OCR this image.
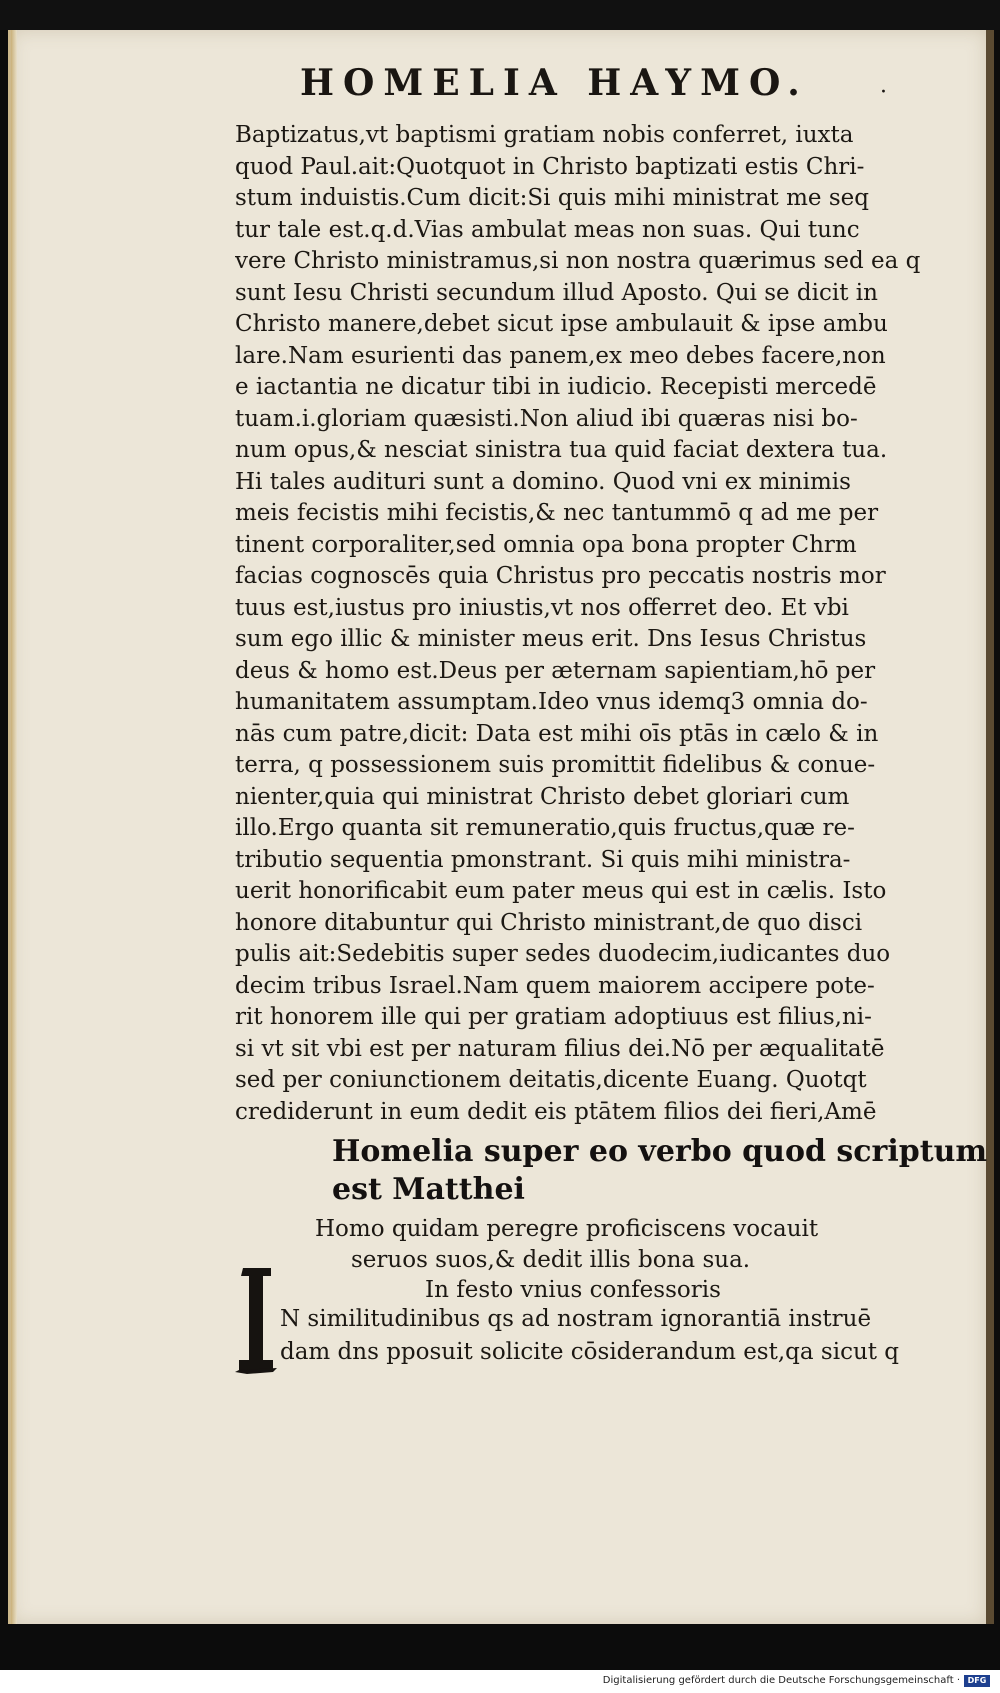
HOMELIA HAYMO.	·
Baptizatus,vt baptismi gratiam nobis conferret, iuxta
quod Paul.ait:Quotquot in Christo baptizati estis Chri-
stum induistis.Cum dicit:Si quis mihi ministrat me seq
tur tale est.q.d.Vias ambulat meas non suas. Qui tunc
vere Christo ministramus,si non nostra quærimus sed ea q
sunt Iesu Christi secundum illud Aposto. Qui se dicit in
Christo manere,debet sicut ipse ambulauit & ipse ambu
lare.Nam esurienti das panem,ex meo debes facere,non
e iactantia ne dicatur tibi in iudicio. Recepisti mercedē
tuam.i.gloriam quæsisti.Non aliud ibi quæras nisi bo-
num opus,& nesciat sinistra tua quid faciat dextera tua.
Hi tales audituri sunt a domino. Quod vni ex minimis
meis fecistis mihi fecistis,& nec tantummō q ad me per
tinent corporaliter,sed omnia opa bona propter Chrm
facias cognoscēs quia Christus pro peccatis nostris mor
tuus est,iustus pro iniustis,vt nos offerret deo. Et vbi
sum ego illic & minister meus erit. Dns Iesus Christus
deus & homo est.Deus per æternam sapientiam,hō per
humanitatem assumptam.Ideo vnus idemq3 omnia do-
nās cum patre,dicit: Data est mihi oīs ptās in cælo & in
terra, q possessionem suis promittit fidelibus & conue-
nienter,quia qui ministrat Christo debet gloriari cum
illo.Ergo quanta sit remuneratio,quis fructus,quæ re-
tributio sequentia pmonstrant. Si quis mihi ministra-
uerit honorificabit eum pater meus qui est in cælis. Isto
honore ditabuntur qui Christo ministrant,de quo disci
pulis ait:Sedebitis super sedes duodecim,iudicantes duo
decim tribus Israel.Nam quem maiorem accipere pote-
rit honorem ille qui per gratiam adoptiuus est filius,ni-
si vt sit vbi est per naturam filius dei.Nō per æqualitatē
sed per coniunctionem deitatis,dicente Euang. Quotqt
crediderunt in eum dedit eis ptātem filios dei fieri,Amē
Homelia super eo verbo quod scriptum
est Matthei
Homo quidam peregre proficiscens vocauit
seruos suos,& dedit illis bona sua.
In festo vnius confessoris
N similitudinibus qs ad nostram ignorantiā instruē
dam dns pposuit solicite cōsiderandum est,qa sicut q
Digitalisierung gefördert durch die Deutsche Forschungsgemeinschaft · DFG
